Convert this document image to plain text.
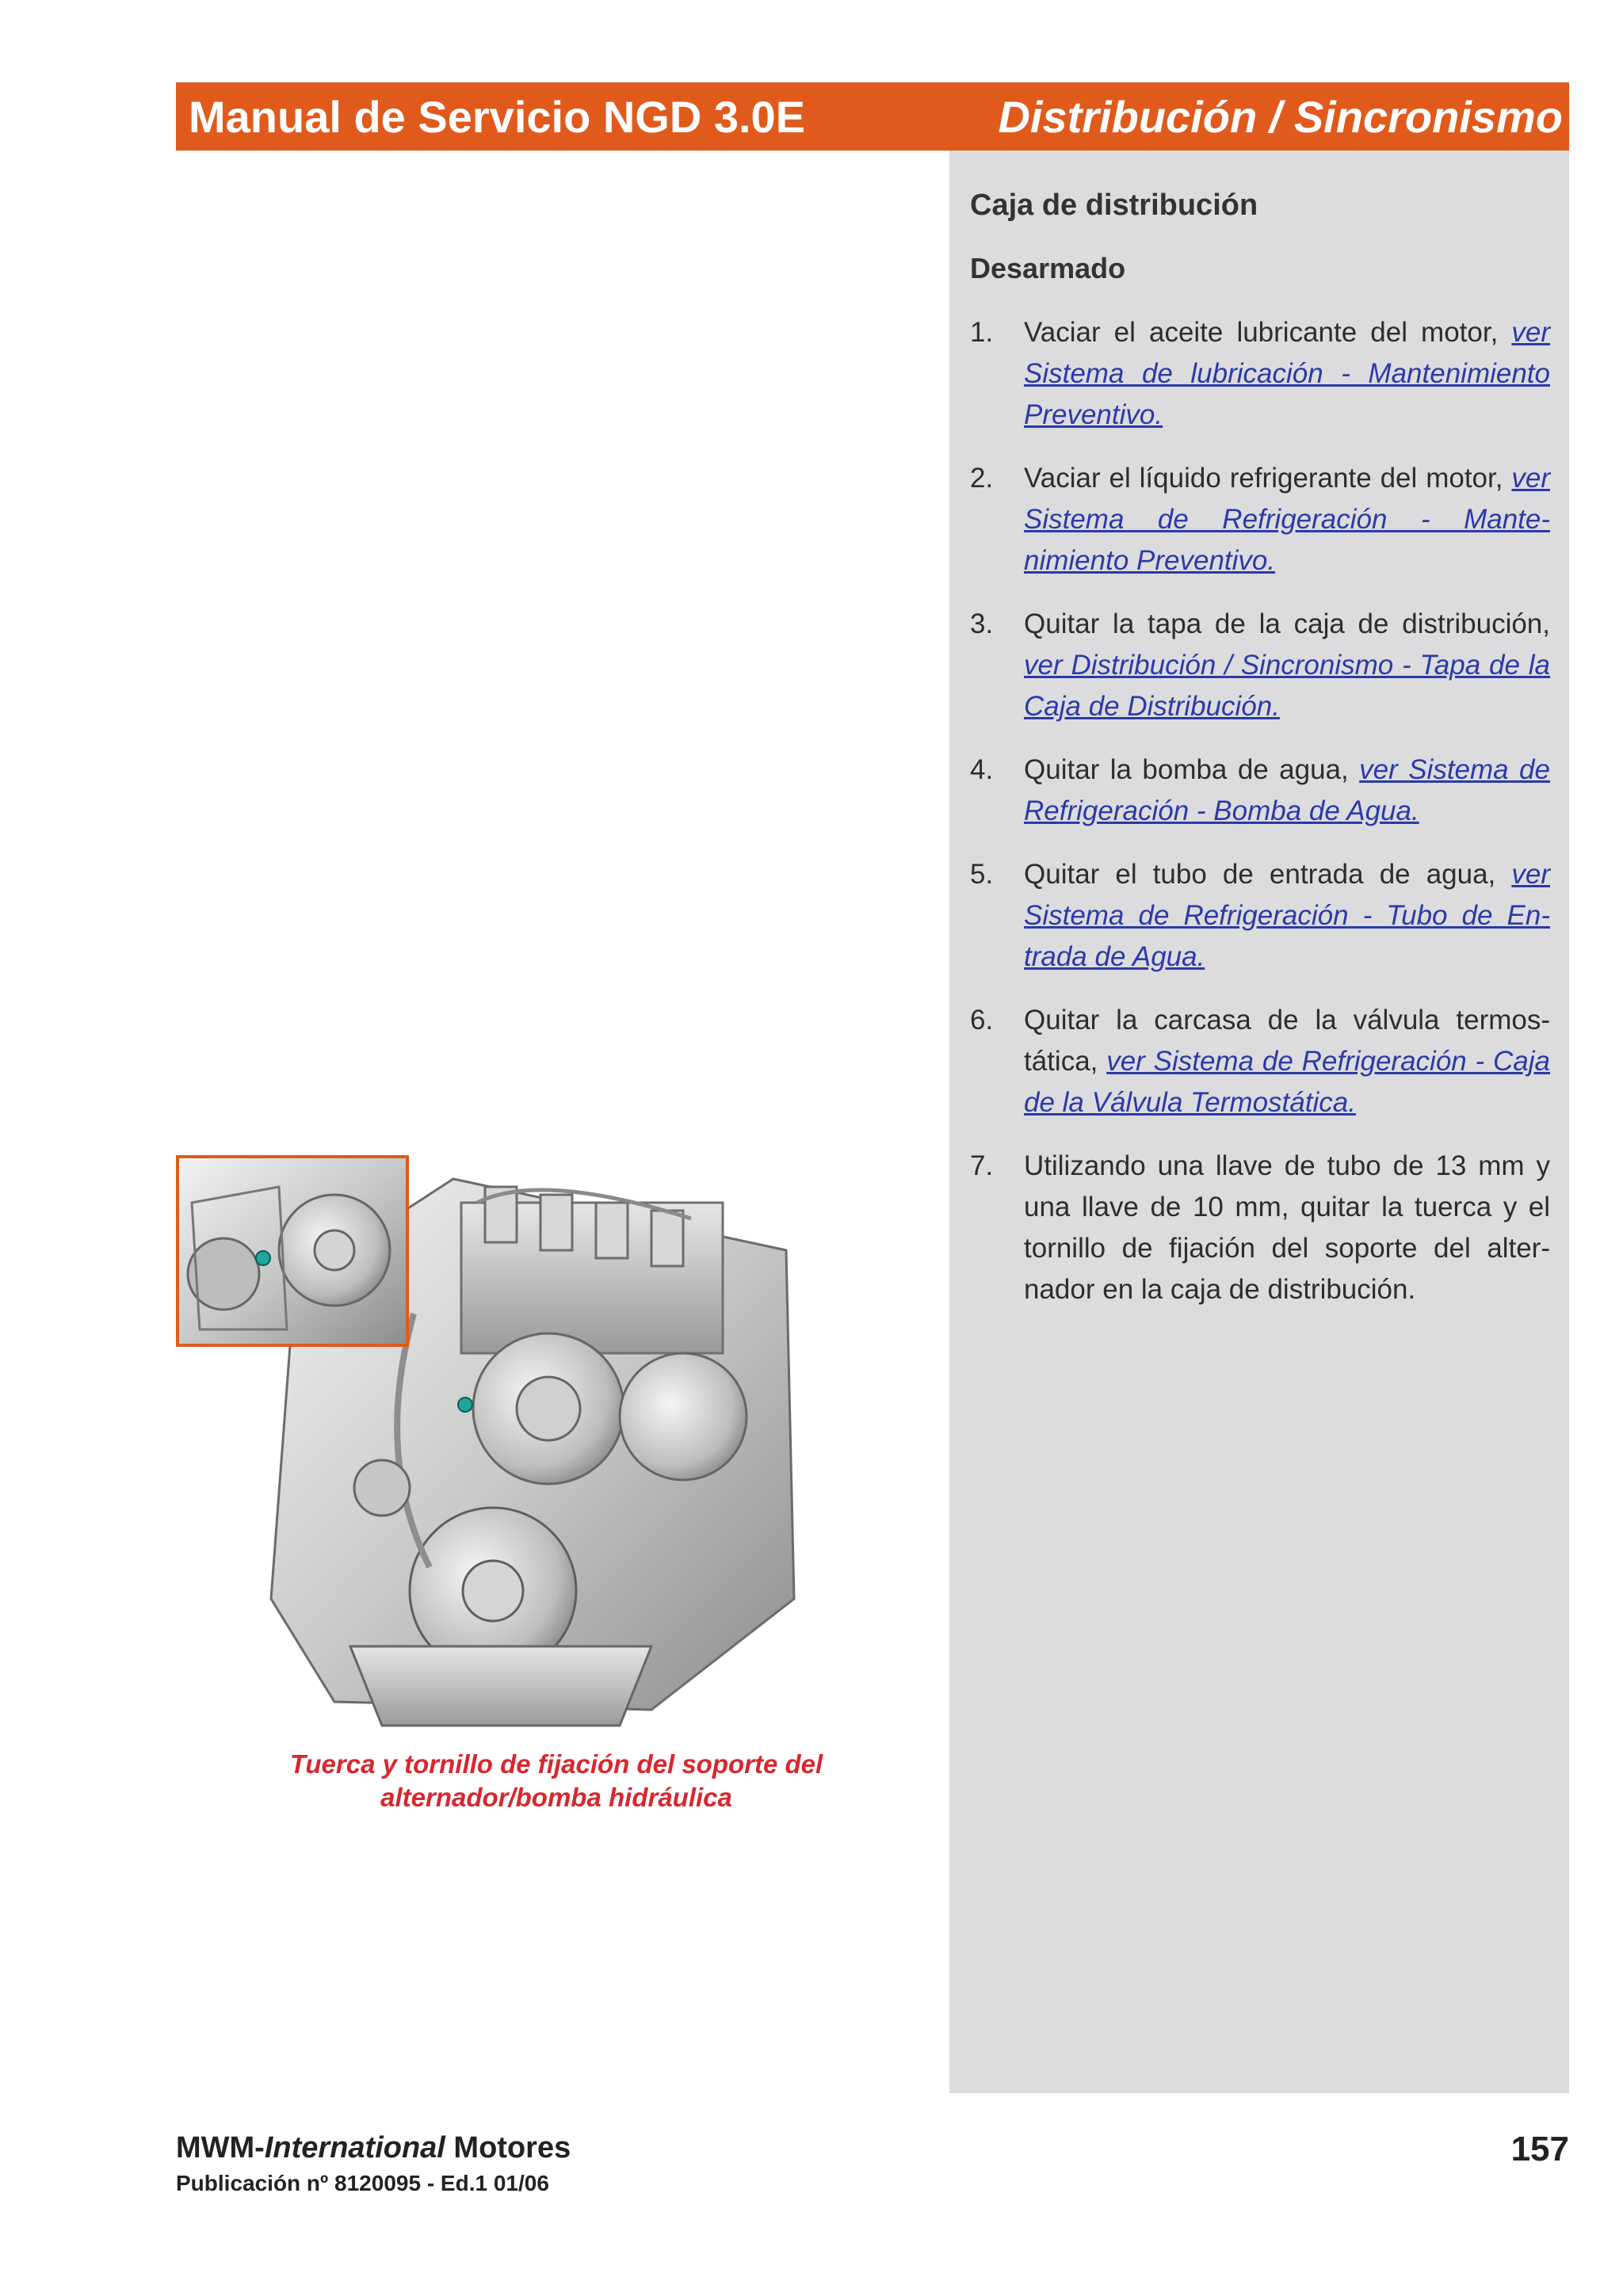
Manual de Servicio NGD 3.0E	Distribución / Sincronismo
Caja de distribución
Desarmado
1.	Vaciar el aceite lubricante del motor, ver Sistema de lubricación - Mantenimiento Preventivo.
2.	Vaciar el líquido refrigerante del motor, ver Sistema de Refrigeración - Mante-nimiento Preventivo.
3.	Quitar la tapa de la caja de distribución, ver Distribución / Sincronismo - Tapa de la Caja de Distribución.
4.	Quitar la bomba de agua, ver Sistema de Refrigeración - Bomba de Agua.
5.	Quitar el tubo de entrada de agua, ver Sistema de Refrigeración - Tubo de En-trada de Agua.
6.	Quitar la carcasa de la válvula termos-tática, ver Sistema de Refrigeración - Caja de la Válvula Termostática.
7.	Utilizando una llave de tubo de 13 mm y una llave de 10 mm, quitar la tuerca y el tornillo de fijación del soporte del alter-nador en la caja de distribución.
Tuerca y tornillo de fijación del soporte del
alternador/bomba hidráulica
MWM-International Motores
Publicación nº 8120095 - Ed.1 01/06
157
